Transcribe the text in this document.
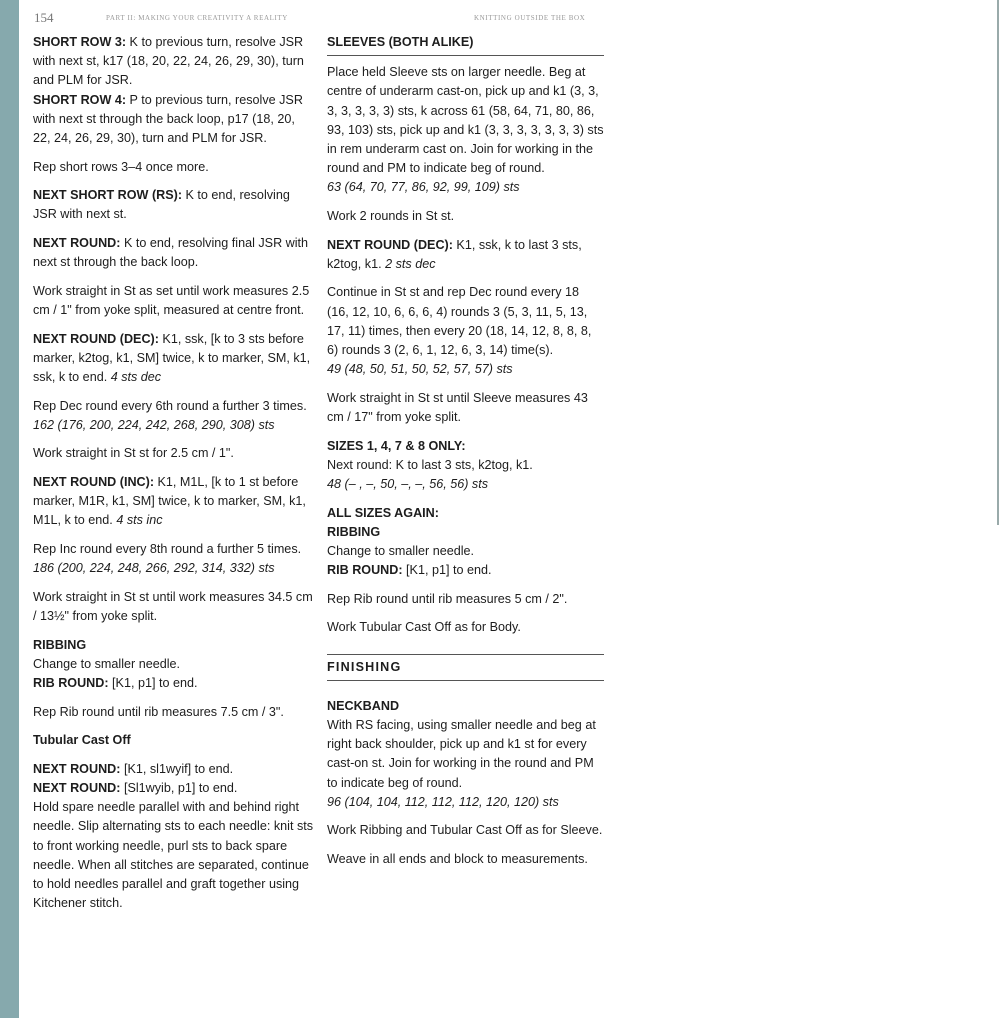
154	PART II: MAKING YOUR CREATIVITY A REALITY	KNITTING OUTSIDE THE BOX

SHORT ROW 3: K to previous turn, resolve JSR with next st, k17 (18, 20, 22, 24, 26, 29, 30), turn and PLM for JSR.
SHORT ROW 4: P to previous turn, resolve JSR with next st through the back loop, p17 (18, 20, 22, 24, 26, 29, 30), turn and PLM for JSR.

Rep short rows 3–4 once more.

NEXT SHORT ROW (RS): K to end, resolving JSR with next st.

NEXT ROUND: K to end, resolving final JSR with next st through the back loop.

Work straight in St as set until work measures 2.5 cm / 1" from yoke split, measured at centre front.

NEXT ROUND (DEC): K1, ssk, [k to 3 sts before marker, k2tog, k1, SM] twice, k to marker, SM, k1, ssk, k to end. 4 sts dec

Rep Dec round every 6th round a further 3 times.
162 (176, 200, 224, 242, 268, 290, 308) sts

Work straight in St st for 2.5 cm / 1".

NEXT ROUND (INC): K1, M1L, [k to 1 st before marker, M1R, k1, SM] twice, k to marker, SM, k1, M1L, k to end. 4 sts inc

Rep Inc round every 8th round a further 5 times. 186 (200, 224, 248, 266, 292, 314, 332) sts

Work straight in St st until work measures 34.5 cm / 13½" from yoke split.

RIBBING
Change to smaller needle.
RIB ROUND: [K1, p1] to end.

Rep Rib round until rib measures 7.5 cm / 3".

Tubular Cast Off

NEXT ROUND: [K1, sl1wyif] to end.
NEXT ROUND: [Sl1wyib, p1] to end.
Hold spare needle parallel with and behind right needle. Slip alternating sts to each needle: knit sts to front working needle, purl sts to back spare needle. When all stitches are separated, continue to hold needles parallel and graft together using Kitchener stitch.

SLEEVES (BOTH ALIKE)

Place held Sleeve sts on larger needle. Beg at centre of underarm cast-on, pick up and k1 (3, 3, 3, 3, 3, 3, 3) sts, k across 61 (58, 64, 71, 80, 86, 93, 103) sts, pick up and k1 (3, 3, 3, 3, 3, 3, 3) sts in rem underarm cast on. Join for working in the round and PM to indicate beg of round.
63 (64, 70, 77, 86, 92, 99, 109) sts

Work 2 rounds in St st.

NEXT ROUND (DEC): K1, ssk, k to last 3 sts, k2tog, k1. 2 sts dec

Continue in St st and rep Dec round every 18 (16, 12, 10, 6, 6, 6, 4) rounds 3 (5, 3, 11, 5, 13, 17, 11) times, then every 20 (18, 14, 12, 8, 8, 8, 6) rounds 3 (2, 6, 1, 12, 6, 3, 14) time(s).
49 (48, 50, 51, 50, 52, 57, 57) sts

Work straight in St st until Sleeve measures 43 cm / 17" from yoke split.

SIZES 1, 4, 7 & 8 ONLY:
Next round: K to last 3 sts, k2tog, k1.
48 (– , –, 50, –, –, 56, 56) sts

ALL SIZES AGAIN:
RIBBING
Change to smaller needle.
RIB ROUND: [K1, p1] to end.

Rep Rib round until rib measures 5 cm / 2".

Work Tubular Cast Off as for Body.

FINISHING

NECKBAND
With RS facing, using smaller needle and beg at right back shoulder, pick up and k1 st for every cast-on st. Join for working in the round and PM to indicate beg of round.
96 (104, 104, 112, 112, 112, 120, 120) sts

Work Ribbing and Tubular Cast Off as for Sleeve.

Weave in all ends and block to measurements.
